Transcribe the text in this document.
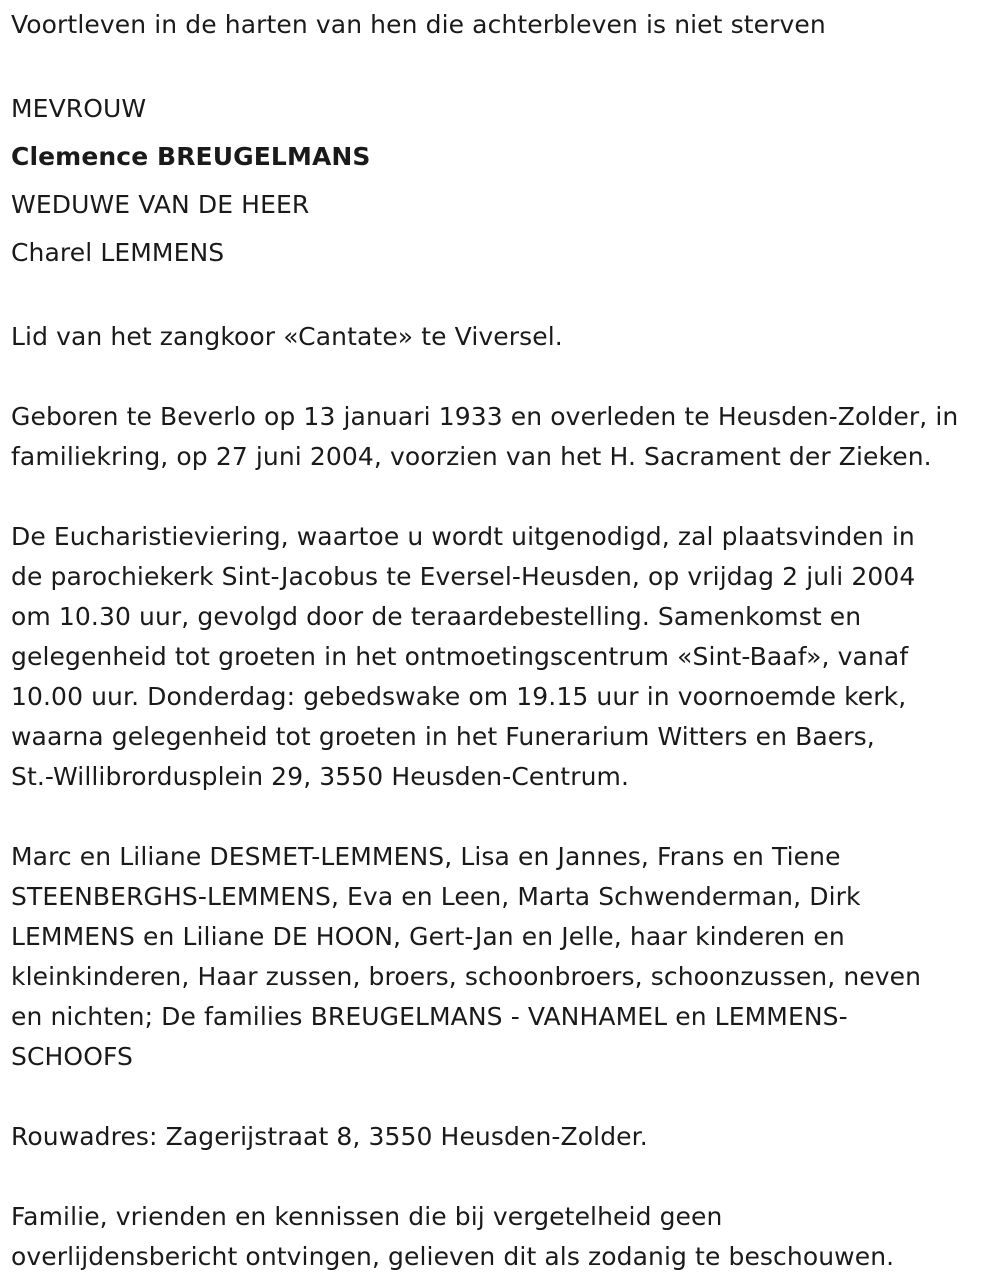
Voortleven in de harten van hen die achterbleven is niet sterven
MEVROUW
Clemence BREUGELMANS
WEDUWE VAN DE HEER
Charel LEMMENS
Lid van het zangkoor «Cantate» te Viversel.
Geboren te Beverlo op 13 januari 1933 en overleden te Heusden-Zolder, in
familiekring, op 27 juni 2004, voorzien van het H. Sacrament der Zieken.
De Eucharistieviering, waartoe u wordt uitgenodigd, zal plaatsvinden in
de parochiekerk Sint-Jacobus te Eversel-Heusden, op vrijdag 2 juli 2004
om 10.30 uur, gevolgd door de teraardebestelling. Samenkomst en
gelegenheid tot groeten in het ontmoetingscentrum «Sint-Baaf», vanaf
10.00 uur. Donderdag: gebedswake om 19.15 uur in voornoemde kerk,
waarna gelegenheid tot groeten in het Funerarium Witters en Baers,
St.-Willibrordusplein 29, 3550 Heusden-Centrum.
Marc en Liliane DESMET-LEMMENS, Lisa en Jannes, Frans en Tiene
STEENBERGHS-LEMMENS, Eva en Leen, Marta Schwenderman, Dirk
LEMMENS en Liliane DE HOON, Gert-Jan en Jelle, haar kinderen en
kleinkinderen, Haar zussen, broers, schoonbroers, schoonzussen, neven
en nichten; De families BREUGELMANS - VANHAMEL en LEMMENS-
SCHOOFS
Rouwadres: Zagerijstraat 8, 3550 Heusden-Zolder.
Familie, vrienden en kennissen die bij vergetelheid geen
overlijdensbericht ontvingen, gelieven dit als zodanig te beschouwen.
